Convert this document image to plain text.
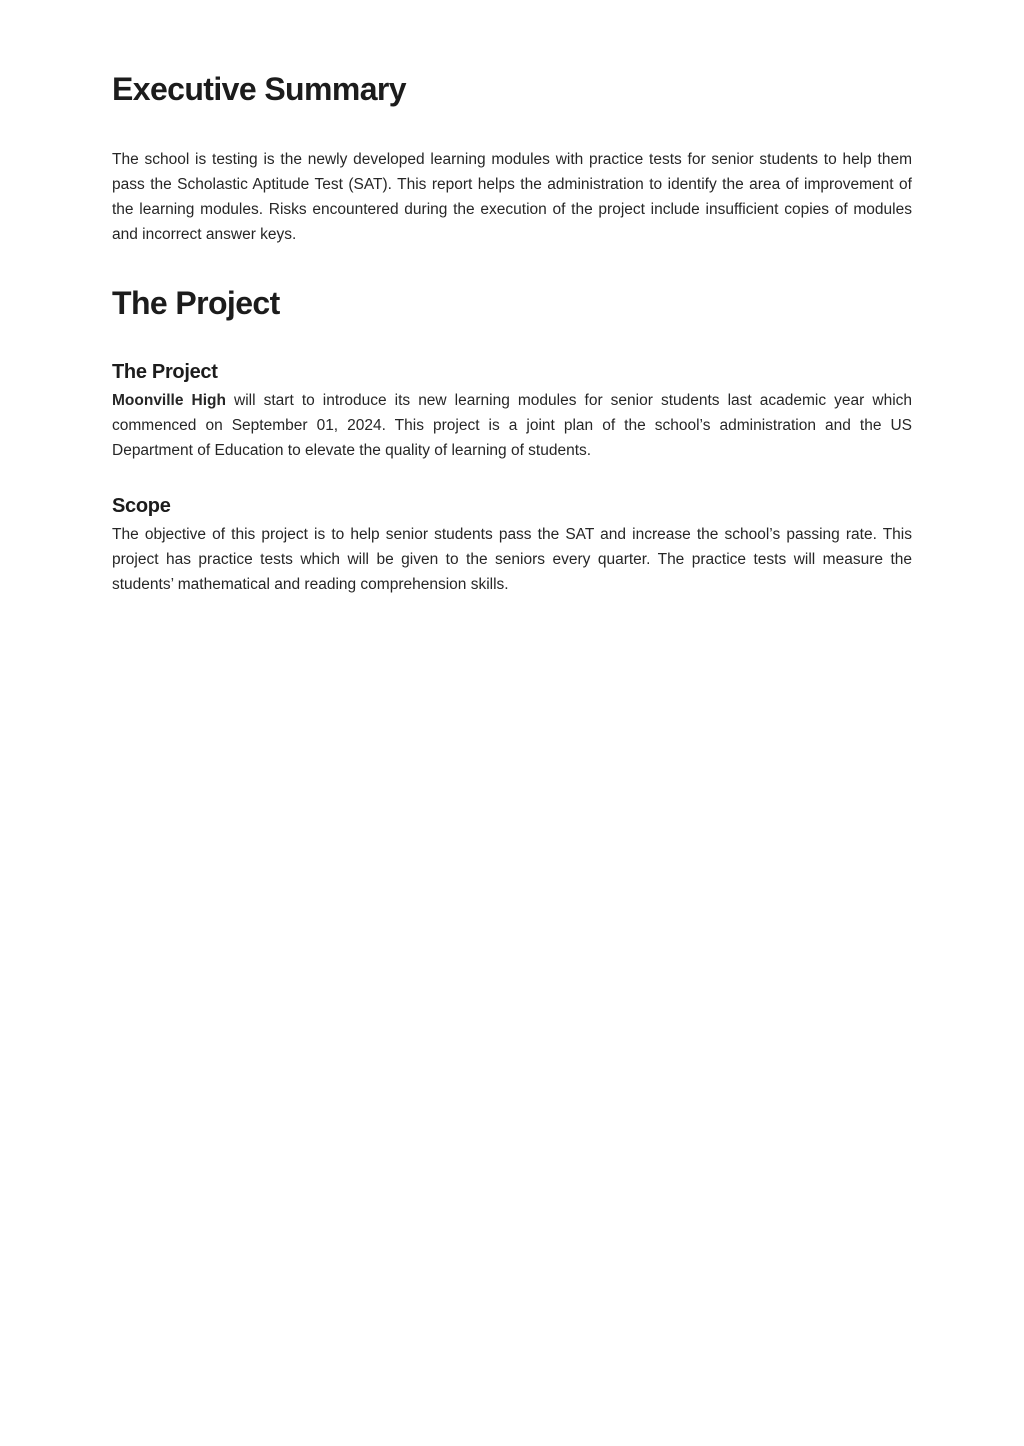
Executive Summary

The school is testing is the newly developed learning modules with practice tests for senior students to help them pass the Scholastic Aptitude Test (SAT). This report helps the administration to identify the area of improvement of the learning modules. Risks encountered during the execution of the project include insufficient copies of modules and incorrect answer keys.

The Project
The Project

Moonville High will start to introduce its new learning modules for senior students last academic year which commenced on September 01, 2024. This project is a joint plan of the school’s administration and the US Department of Education to elevate the quality of learning of students.

Scope

The objective of this project is to help senior students pass the SAT and increase the school’s passing rate. This project has practice tests which will be given to the seniors every quarter. The practice tests will measure the students’ mathematical and reading comprehension skills.
